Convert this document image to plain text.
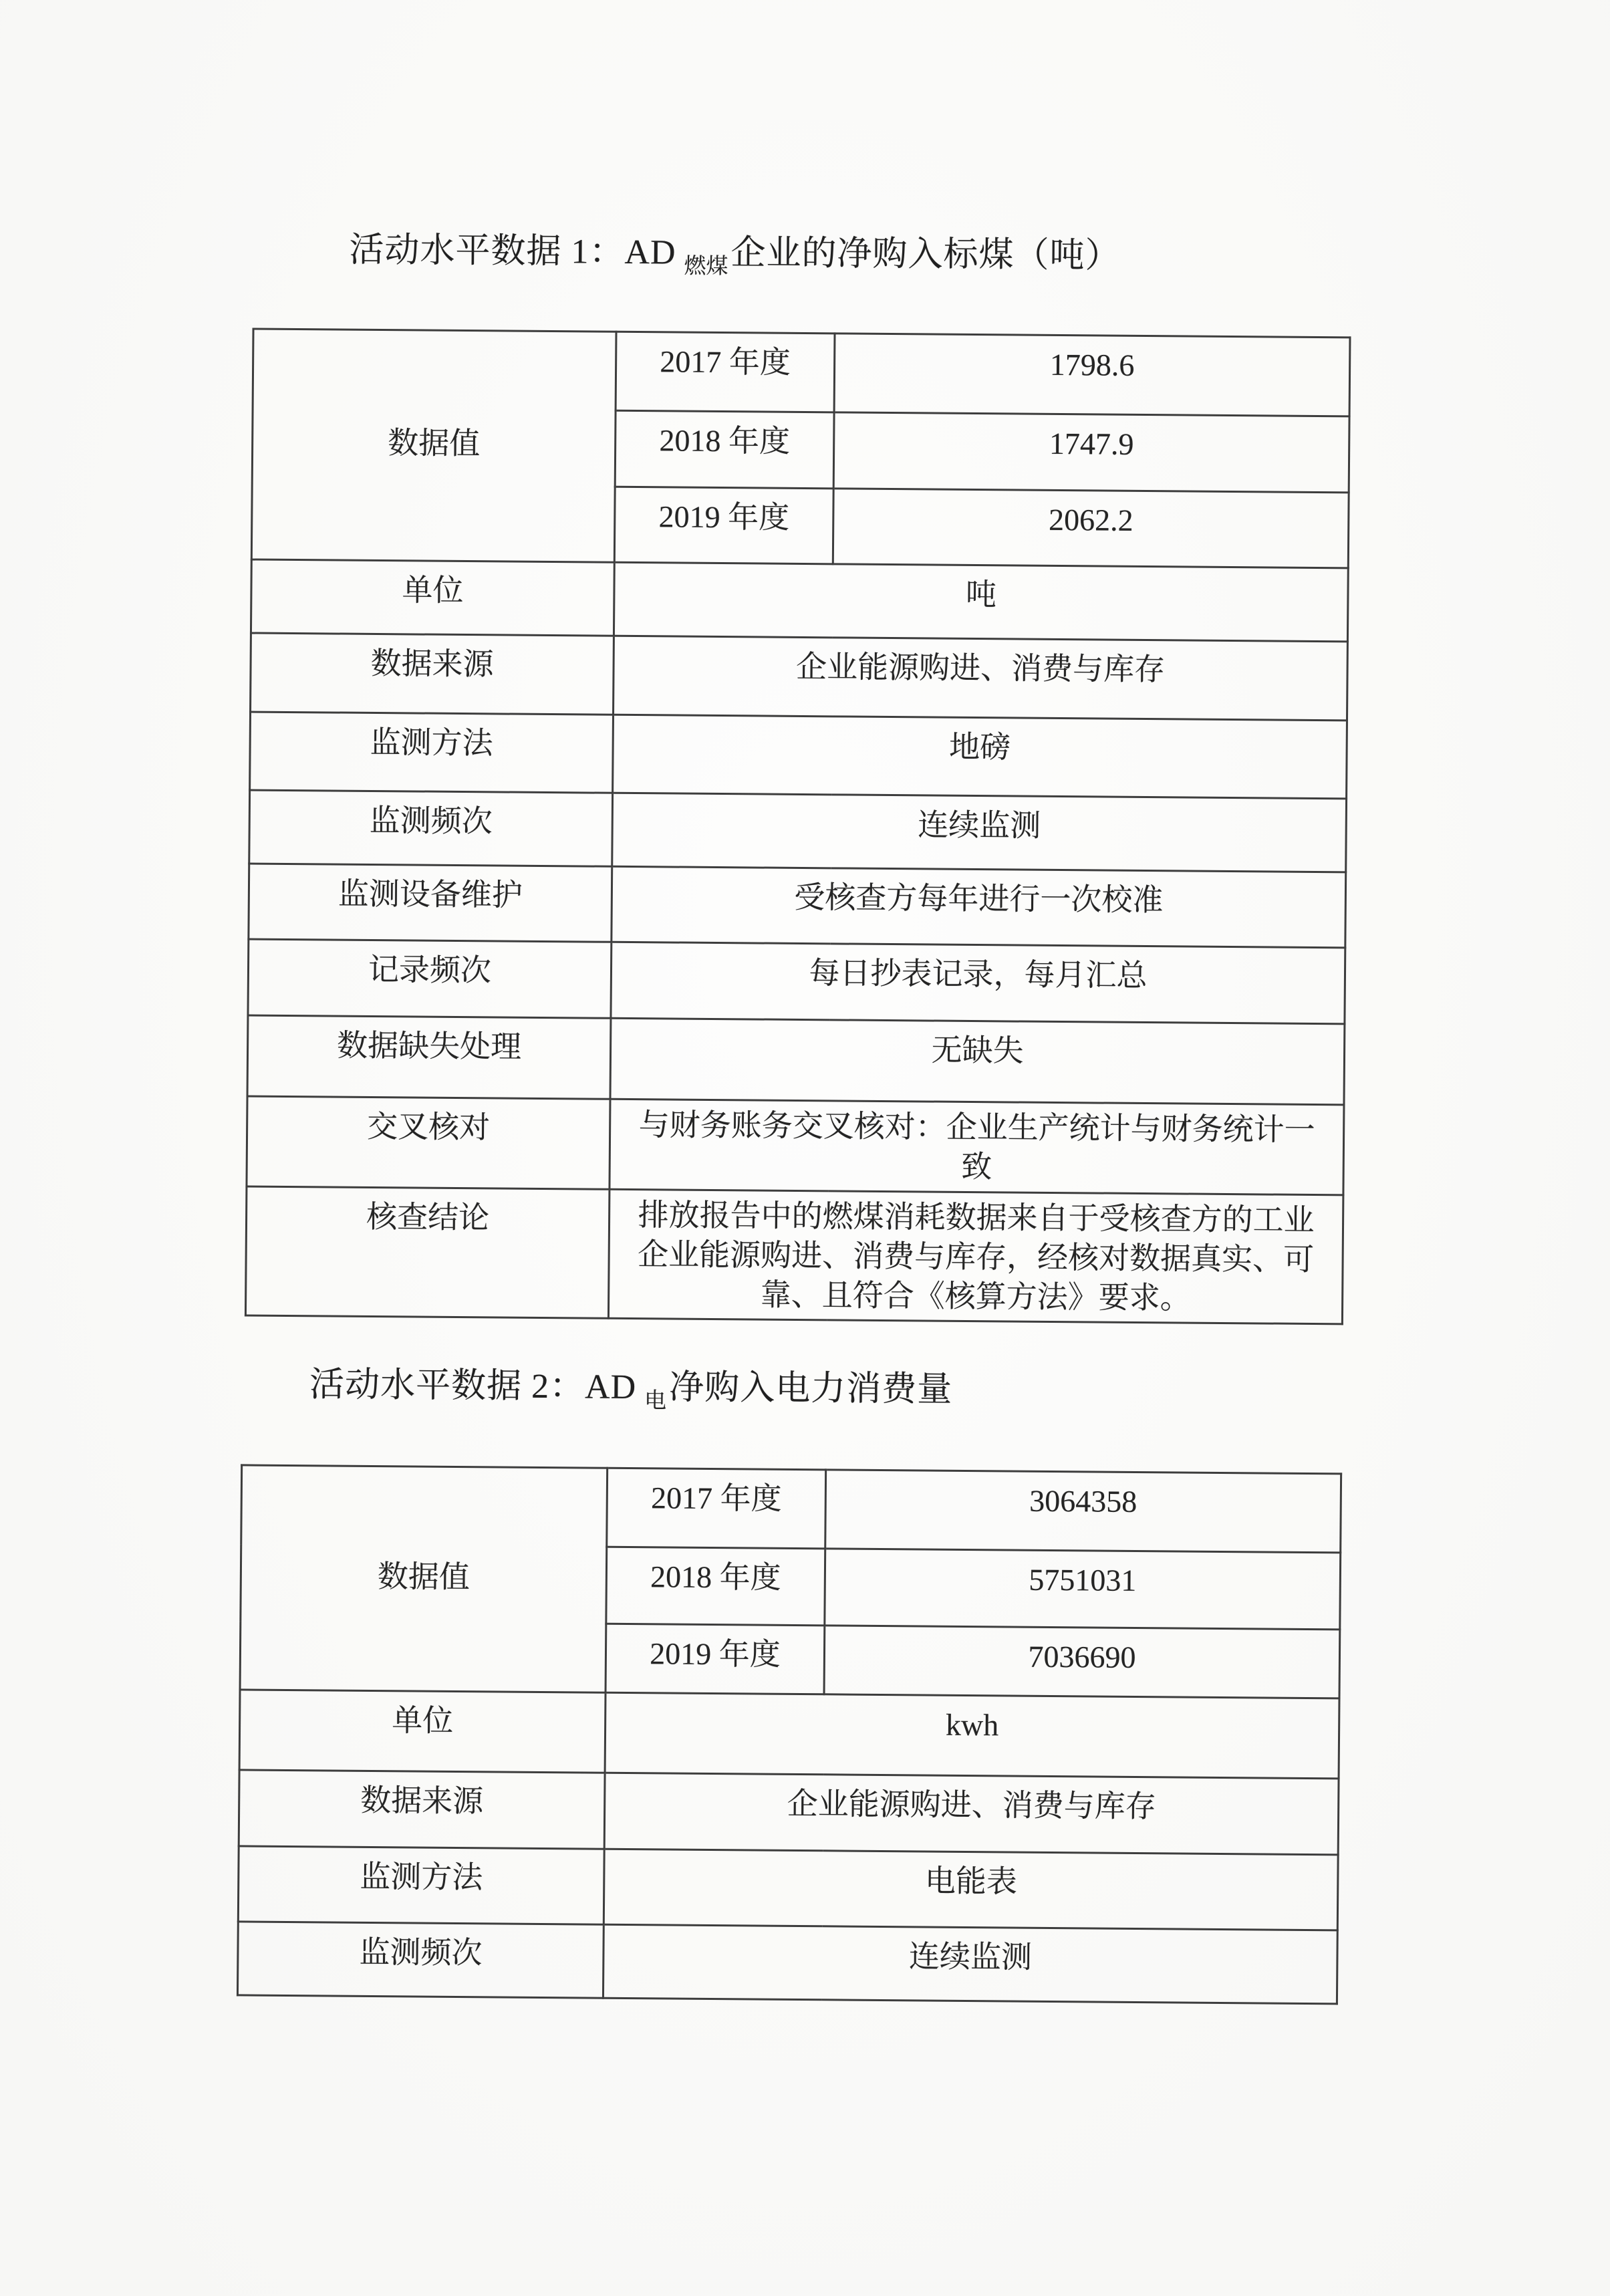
活动水平数据 1：AD $_{燃煤}$企业的净购入标煤（吨）
数据值	2017 年度	1798.6
	2018 年度	1747.9
	2019 年度	2062.2
单位	吨	
数据来源	企业能源购进、消费与库存	
监测方法	地磅	
监测频次	连续监测	
监测设备维护	受核查方每年进行一次校准	
记录频次	每日抄表记录，每月汇总	
数据缺失处理	无缺失	
交叉核对	与财务账务交叉核对：企业生产统计与财务统计一致	
核查结论	排放报告中的燃煤消耗数据来自于受核查方的工业企业能源购进、消费与库存，经核对数据真实、可靠、且符合《核算方法》要求。	
活动水平数据 2：AD $_电$净购入电力消费量
数据值	2017 年度	3064358
	2018 年度	5751031
	2019 年度	7036690
单位	kwh	
数据来源	企业能源购进、消费与库存	
监测方法	电能表	
监测频次	连续监测	
